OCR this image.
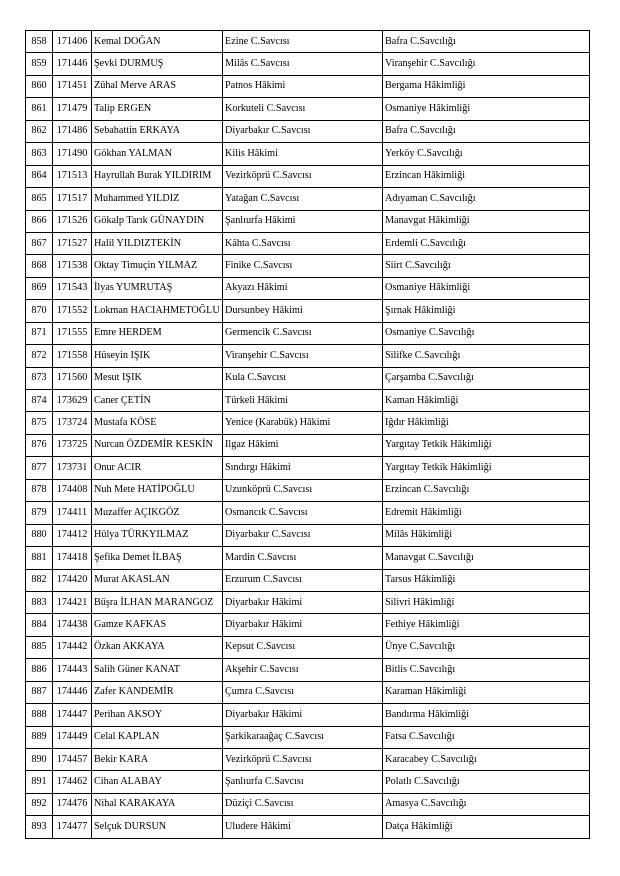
858	171406	Kemal DOĞAN	Ezine C.Savcısı	Bafra C.Savcılığı
859	171446	Şevki DURMUŞ	Milâs C.Savcısı	Viranşehir C.Savcılığı
860	171451	Zühal Merve ARAS	Patnos Hâkimi	Bergama Hâkimliği
861	171479	Talip ERGEN	Korkuteli C.Savcısı	Osmaniye Hâkimliği
862	171486	Sebahattin ERKAYA	Diyarbakır C.Savcısı	Bafra C.Savcılığı
863	171490	Gökhan YALMAN	Kilis Hâkimi	Yerköy C.Savcılığı
864	171513	Hayrullah Burak YILDIRIM	Vezirköprü C.Savcısı	Erzincan Hâkimliği
865	171517	Muhammed YILDIZ	Yatağan C.Savcısı	Adıyaman C.Savcılığı
866	171526	Gökalp Tarık GÜNAYDIN	Şanlıurfa Hâkimi	Manavgat Hâkimliği
867	171527	Halil YILDIZTEKİN	Kâhta C.Savcısı	Erdemli C.Savcılığı
868	171538	Oktay Timuçin YILMAZ	Finike C.Savcısı	Siirt C.Savcılığı
869	171543	İlyas YUMRUTAŞ	Akyazı Hâkimi	Osmaniye Hâkimliği
870	171552	Lokman HACIAHMETOĞLU	Dursunbey Hâkimi	Şırnak Hâkimliği
871	171555	Emre HERDEM	Germencik C.Savcısı	Osmaniye C.Savcılığı
872	171558	Hüseyin IŞIK	Viranşehir C.Savcısı	Silifke C.Savcılığı
873	171560	Mesut IŞIK	Kula C.Savcısı	Çarşamba C.Savcılığı
874	173629	Caner ÇETİN	Türkeli Hâkimi	Kaman Hâkimliği
875	173724	Mustafa KÖSE	Yenice (Karabük) Hâkimi	Iğdır Hâkimliği
876	173725	Nurcan ÖZDEMİR KESKİN	Ilgaz Hâkimi	Yargıtay Tetkik Hâkimliği
877	173731	Onur ACIR	Sındırgı Hâkimi	Yargıtay Tetkik Hâkimliği
878	174408	Nuh Mete HATİPOĞLU	Uzunköprü C.Savcısı	Erzincan C.Savcılığı
879	174411	Muzaffer AÇIKGÖZ	Osmancık C.Savcısı	Edremit Hâkimliği
880	174412	Hülya TÜRKYILMAZ	Diyarbakır C.Savcısı	Milâs Hâkimliği
881	174418	Şefika Demet İLBAŞ	Mardin C.Savcısı	Manavgat C.Savcılığı
882	174420	Murat AKASLAN	Erzurum C.Savcısı	Tarsus Hâkimliği
883	174421	Büşra İLHAN MARANGOZ	Diyarbakır Hâkimi	Silivri Hâkimliği
884	174438	Gamze KAFKAS	Diyarbakır Hâkimi	Fethiye Hâkimliği
885	174442	Özkan AKKAYA	Kepsut C.Savcısı	Ünye C.Savcılığı
886	174443	Salih Güner KANAT	Akşehir C.Savcısı	Bitlis C.Savcılığı
887	174446	Zafer KANDEMİR	Çumra C.Savcısı	Karaman Hâkimliği
888	174447	Perihan AKSOY	Diyarbakır Hâkimi	Bandırma Hâkimliği
889	174449	Celal KAPLAN	Şarkikaraağaç C.Savcısı	Fatsa C.Savcılığı
890	174457	Bekir KARA	Vezirköprü C.Savcısı	Karacabey C.Savcılığı
891	174462	Cihan ALABAY	Şanlıurfa C.Savcısı	Polatlı C.Savcılığı
892	174476	Nihal KARAKAYA	Düziçi C.Savcısı	Amasya C.Savcılığı
893	174477	Selçuk DURSUN	Uludere Hâkimi	Datça Hâkimliği
